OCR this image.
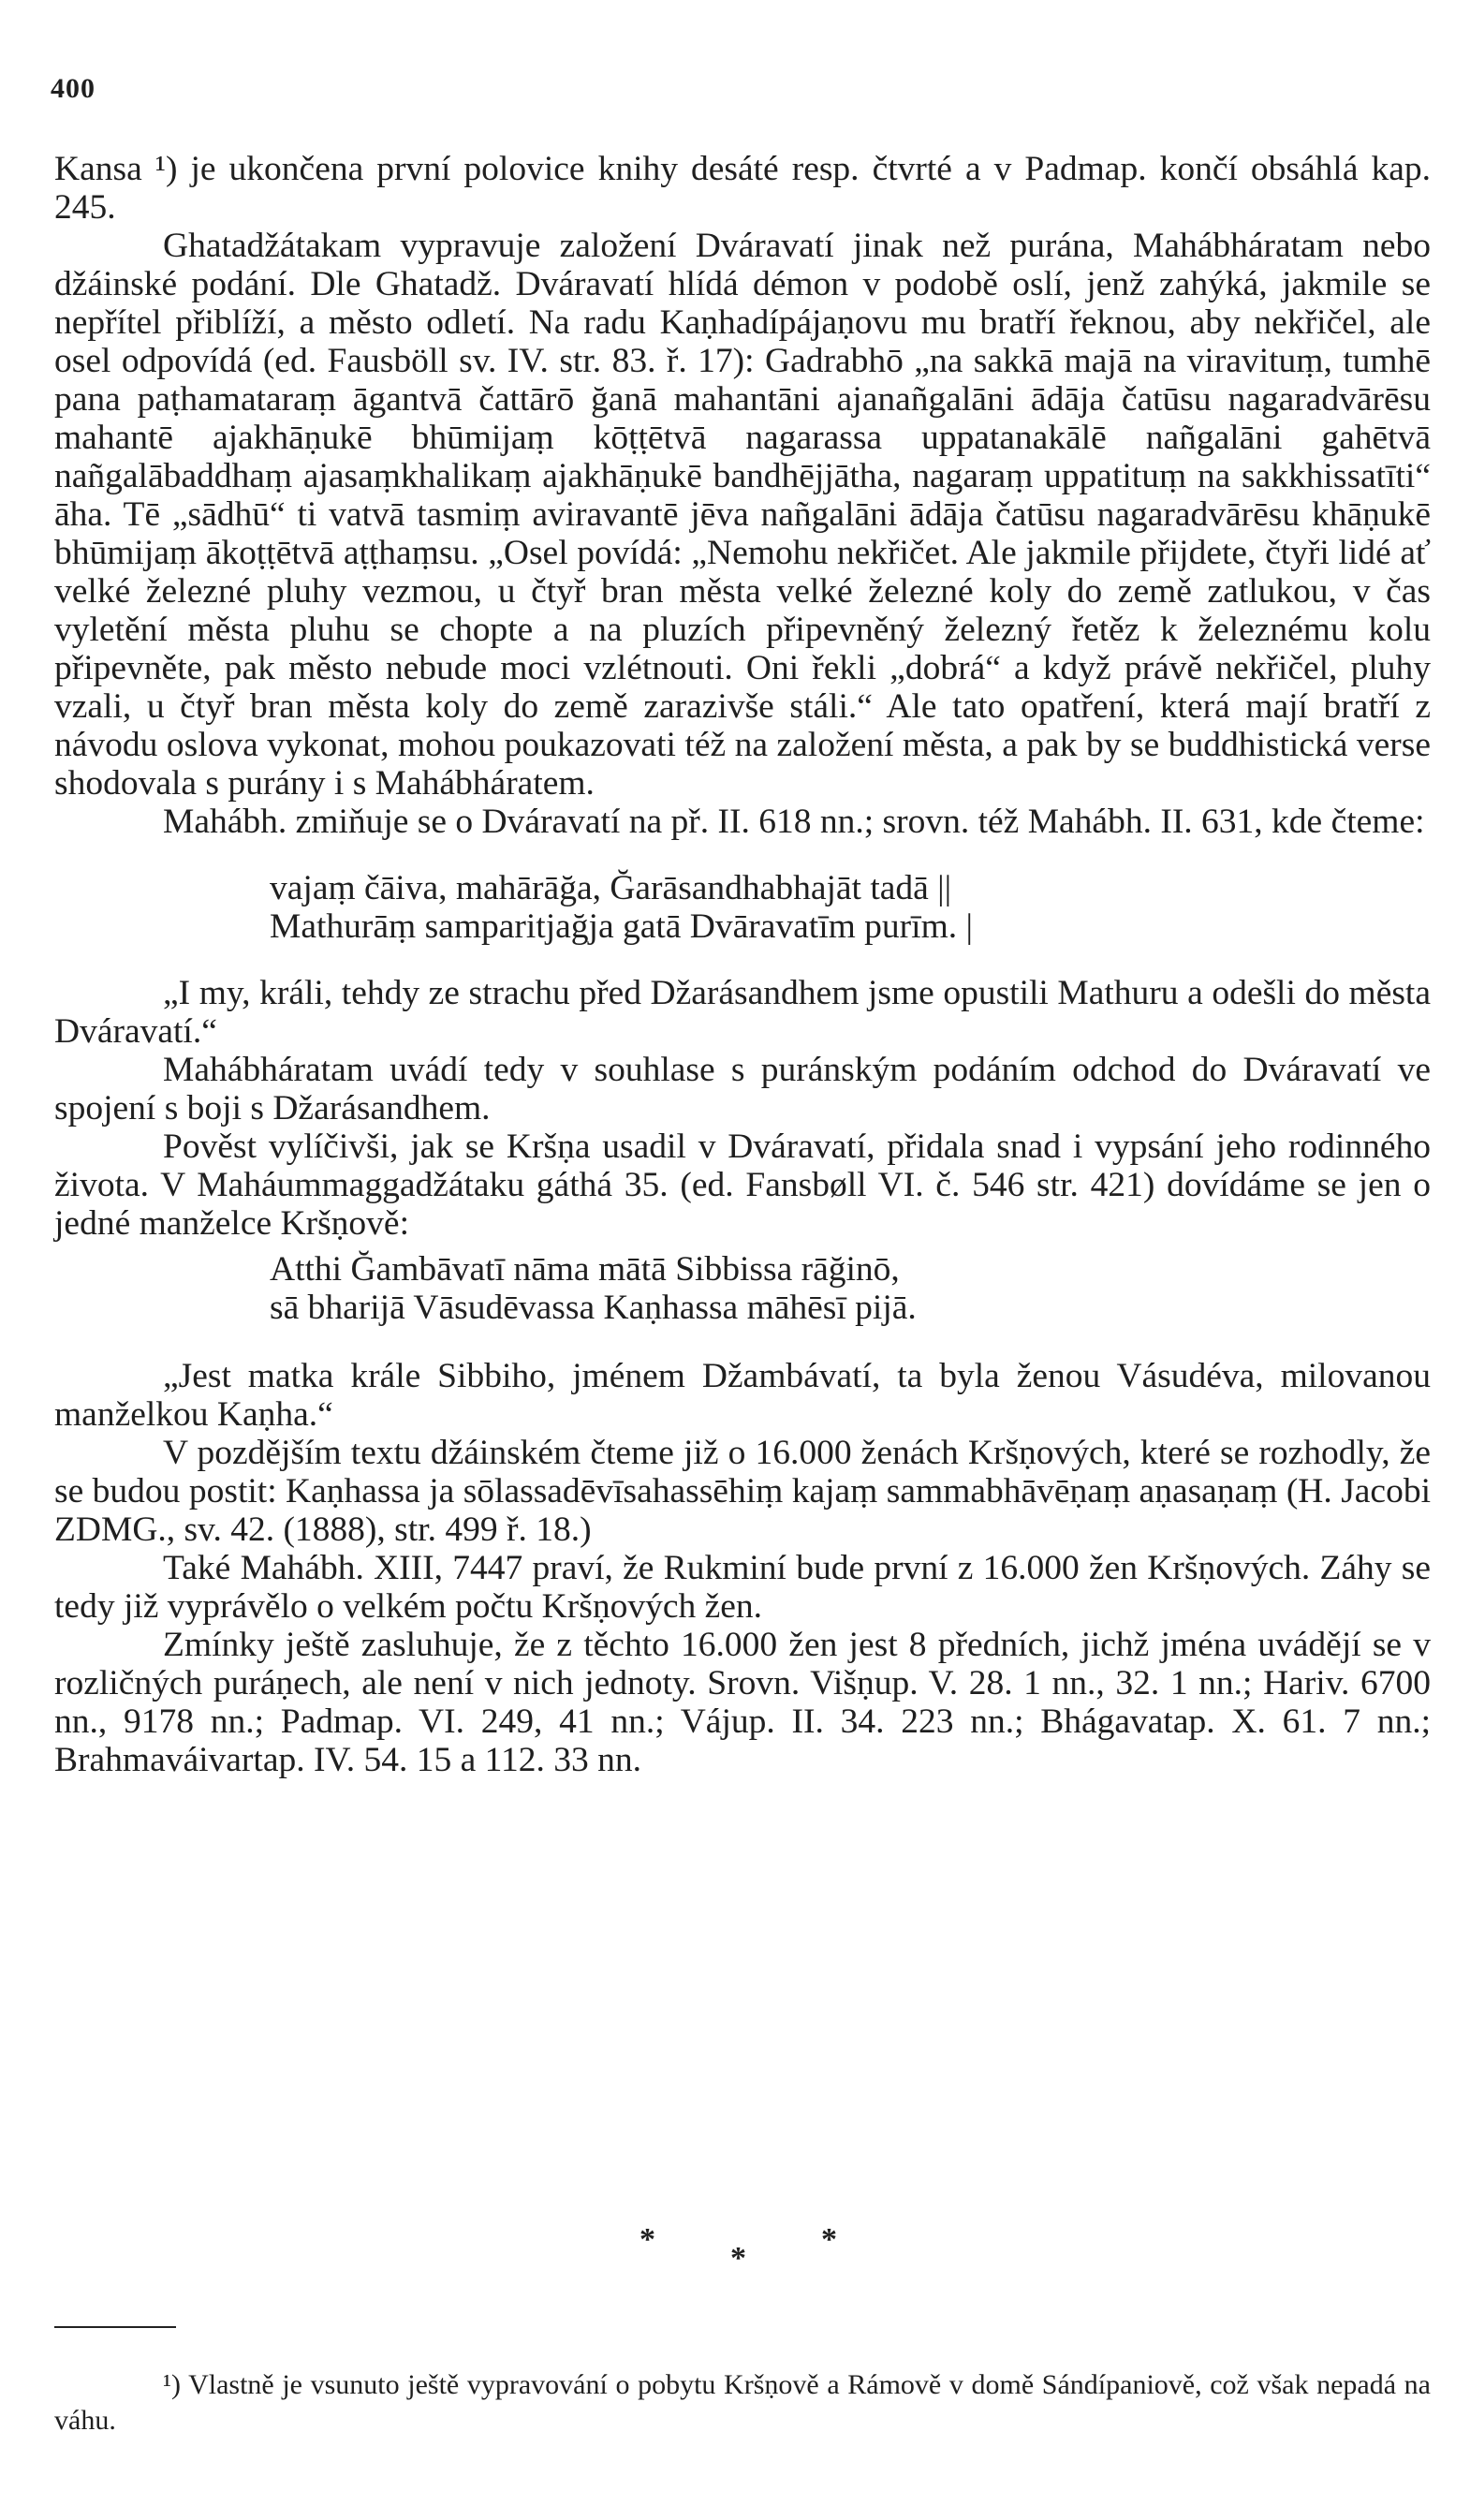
400

Kansa ¹) je ukončena první polovice knihy desáté resp. čtvrté a v Padmap. končí obsáhlá kap. 245.

Ghatadžátakam vypravuje založení Dváravatí jinak než purána, Mahábháratam nebo džáinské podání. Dle Ghatadž. Dváravatí hlídá démon v podobě oslí, jenž zahýká, jakmile se nepřítel přiblíží, a město odletí. Na radu Kaṇhadípájaṇovu mu bratří řeknou, aby nekřičel, ale osel odpovídá (ed. Fausböll sv. IV. str. 83. ř. 17): Gadrabhō „na sakkā majā na viravituṃ, tumhē pana paṭhamataraṃ āgantvā čattārō ğanā mahantāni ajanañgalāni ādāja čatūsu nagaradvārēsu mahantē ajakhāṇukē bhūmijaṃ kōṭṭētvā nagarassa uppatanakālē nañgalāni gahētvā nañgalābaddhaṃ ajasaṃkhalikaṃ ajakhāṇukē bandhējjātha, nagaraṃ uppatituṃ na sakkhissatīti“ āha. Tē „sādhū“ ti vatvā tasmiṃ aviravantē jēva nañgalāni ādāja čatūsu nagaradvārēsu khāṇukē bhūmijaṃ ākoṭṭētvā aṭṭhaṃsu. „Osel povídá: „Nemohu nekřičet. Ale jakmile přijdete, čtyři lidé ať velké železné pluhy vezmou, u čtyř bran města velké železné koly do země zatlukou, v čas vyletění města pluhu se chopte a na pluzích připevněný železný řetěz k železnému kolu připevněte, pak město nebude moci vzlétnouti. Oni řekli „dobrá“ a když právě nekřičel, pluhy vzali, u čtyř bran města koly do země zarazivše stáli.“ Ale tato opatření, která mají bratří z návodu oslova vykonat, mohou poukazovati též na založení města, a pak by se buddhistická verse shodovala s purány i s Mahábháratem.

Mahábh. zmiňuje se o Dváravatí na př. II. 618 nn.; srovn. též Mahábh. II. 631, kde čteme:

vajaṃ čāiva, mahārāğa, Ğarāsandhabhajāt tadā ||
Mathurāṃ samparitjağja gatā Dvāravatīm purīm. |

„I my, králi, tehdy ze strachu před Džarásandhem jsme opustili Mathuru a odešli do města Dváravatí.“

Mahábháratam uvádí tedy v souhlase s puránským podáním odchod do Dváravatí ve spojení s boji s Džarásandhem.

Pověst vylíčivši, jak se Kršṇa usadil v Dváravatí, přidala snad i vypsání jeho rodinného života. V Maháummaggadžátaku gáthá 35. (ed. Fansbøll VI. č. 546 str. 421) dovídáme se jen o jedné manželce Kršṇově:

Atthi Ğambāvatī nāma mātā Sibbissa rāğinō,
sā bharijā Vāsudēvassa Kaṇhassa māhēsī pijā.

„Jest matka krále Sibbiho, jménem Džambávatí, ta byla ženou Vásudéva, milovanou manželkou Kaṇha.“

V pozdějším textu džáinském čteme již o 16.000 ženách Kršṇových, které se rozhodly, že se budou postit: Kaṇhassa ja sōlassadēvīsahassēhiṃ kajaṃ sammabhāvēṇaṃ aṇasaṇaṃ (H. Jacobi ZDMG., sv. 42. (1888), str. 499 ř. 18.)

Také Mahábh. XIII, 7447 praví, že Rukminí bude první z 16.000 žen Kršṇových. Záhy se tedy již vyprávělo o velkém počtu Kršṇových žen.

Zmínky ještě zasluhuje, že z těchto 16.000 žen jest 8 předních, jichž jména uvádějí se v rozličných puráṇech, ale není v nich jednoty. Srovn. Višṇup. V. 28. 1 nn., 32. 1 nn.; Hariv. 6700 nn., 9178 nn.; Padmap. VI. 249, 41 nn.; Vájup. II. 34. 223 nn.; Bhágavatap. X. 61. 7 nn.; Brahmaváivartap. IV. 54. 15 a 112. 33 nn.

*
*
*
¹) Vlastně je vsunuto ještě vypravování o pobytu Kršṇově a Rámově v domě Sándípaniově, což však nepadá na váhu.
